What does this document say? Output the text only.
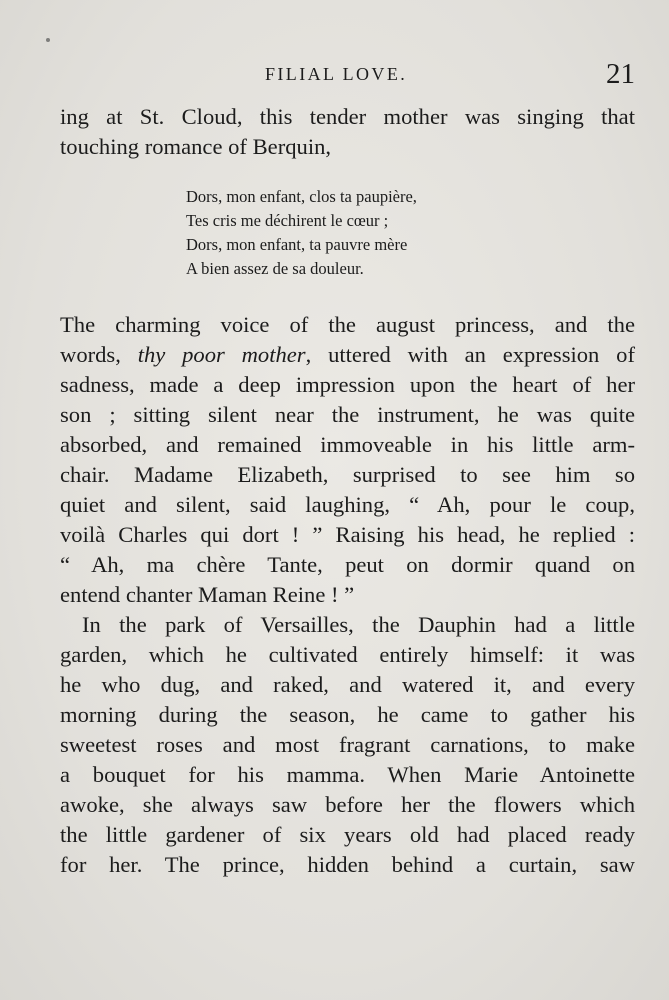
FILIAL LOVE.	21
ing at St. Cloud, this tender mother was singing that
touching romance of Berquin,
Dors, mon enfant, clos ta paupière,
Tes cris me déchirent le cœur ;
Dors, mon enfant, ta pauvre mère
A bien assez de sa douleur.
The charming voice of the august princess, and the
words, thy poor mother, uttered with an expression of
sadness, made a deep impression upon the heart of her
son ; sitting silent near the instrument, he was quite
absorbed, and remained immoveable in his little arm-
chair. Madame Elizabeth, surprised to see him so
quiet and silent, said laughing, “ Ah, pour le coup,
voilà Charles qui dort ! ” Raising his head, he replied :
“ Ah, ma chère Tante, peut on dormir quand on
entend chanter Maman Reine ! ”
In the park of Versailles, the Dauphin had a little
garden, which he cultivated entirely himself: it was
he who dug, and raked, and watered it, and every
morning during the season, he came to gather his
sweetest roses and most fragrant carnations, to make
a bouquet for his mamma. When Marie Antoinette
awoke, she always saw before her the flowers which
the little gardener of six years old had placed ready
for her. The prince, hidden behind a curtain, saw
